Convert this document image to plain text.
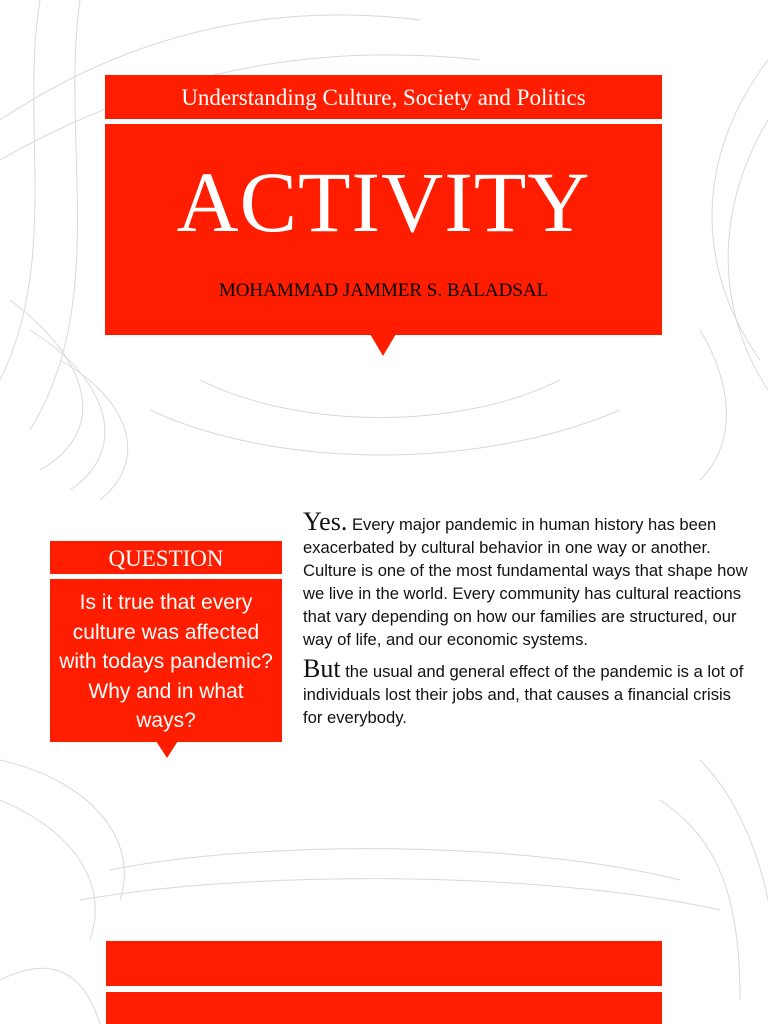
Understanding Culture, Society and Politics
ACTIVITY
MOHAMMAD JAMMER S. BALADSAL
QUESTION
Is it true that every culture was affected with todays pandemic? Why and in what ways?

Yes. Every major pandemic in human history has been exacerbated by cultural behavior in one way or another. Culture is one of the most fundamental ways that shape how we live in the world. Every community has cultural reactions that vary depending on how our families are structured, our way of life, and our economic systems.

But the usual and general effect of the pandemic is a lot of individuals lost their jobs and, that causes a financial crisis for everybody.
